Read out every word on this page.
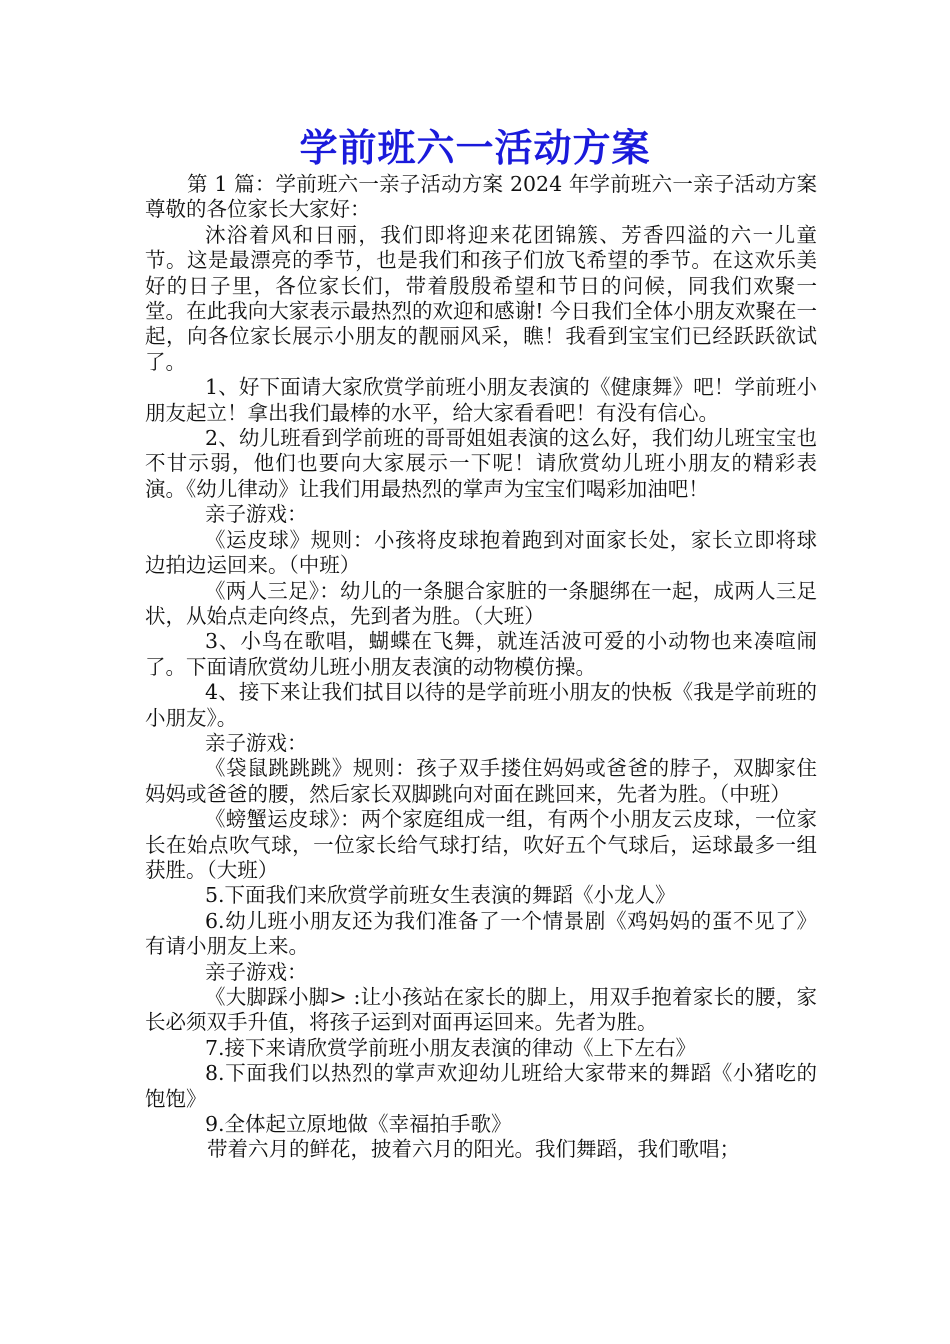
学前班六一活动方案

第 1 篇：学前班六一亲子活动方案 2024 年学前班六一亲子活动方案 尊敬的各位家长大家好：

沐浴着风和日丽，我们即将迎来花团锦簇、芳香四溢的六一儿童节。这是最漂亮的季节，也是我们和孩子们放飞希望的季节。在这欢乐美好的日子里，各位家长们，带着殷殷希望和节日的问候，同我们欢聚一堂。在此我向大家表示最热烈的欢迎和感谢! 今日我们全体小朋友欢聚在一起，向各位家长展示小朋友的靓丽风采，瞧！我看到宝宝们已经跃跃欲试了。

1、好下面请大家欣赏学前班小朋友表演的《健康舞》吧！学前班小朋友起立！拿出我们最棒的水平，给大家看看吧！有没有信心。

2、幼儿班看到学前班的哥哥姐姐表演的这么好，我们幼儿班宝宝也不甘示弱，他们也要向大家展示一下呢！请欣赏幼儿班小朋友的精彩表演。《幼儿律动》让我们用最热烈的掌声为宝宝们喝彩加油吧！

亲子游戏：

《运皮球》规则：小孩将皮球抱着跑到对面家长处，家长立即将球边拍边运回来。（中班）

《两人三足》：幼儿的一条腿合家脏的一条腿绑在一起，成两人三足状，从始点走向终点，先到者为胜。（大班）

3、小鸟在歌唱，蝴蝶在飞舞，就连活波可爱的小动物也来凑喧闹了。下面请欣赏幼儿班小朋友表演的动物模仿操。

4、接下来让我们拭目以待的是学前班小朋友的快板《我是学前班的小朋友》。

亲子游戏：

《袋鼠跳跳跳》规则：孩子双手搂住妈妈或爸爸的脖子，双脚家住妈妈或爸爸的腰，然后家长双脚跳向对面在跳回来，先者为胜。（中班）

《螃蟹运皮球》：两个家庭组成一组，有两个小朋友云皮球，一位家长在始点吹气球，一位家长给气球打结，吹好五个气球后，运球最多一组获胜。（大班）

5.下面我们来欣赏学前班女生表演的舞蹈《小龙人》

6.幼儿班小朋友还为我们准备了一个情景剧《鸡妈妈的蛋不见了》有请小朋友上来。

亲子游戏：

《大脚踩小脚> :让小孩站在家长的脚上，用双手抱着家长的腰，家长必须双手升值，将孩子运到对面再运回来。先者为胜。

7.接下来请欣赏学前班小朋友表演的律动《上下左右》

8.下面我们以热烈的掌声欢迎幼儿班给大家带来的舞蹈《小猪吃的饱饱》

9.全体起立原地做《幸福拍手歌》

带着六月的鲜花，披着六月的阳光。我们舞蹈，我们歌唱；
